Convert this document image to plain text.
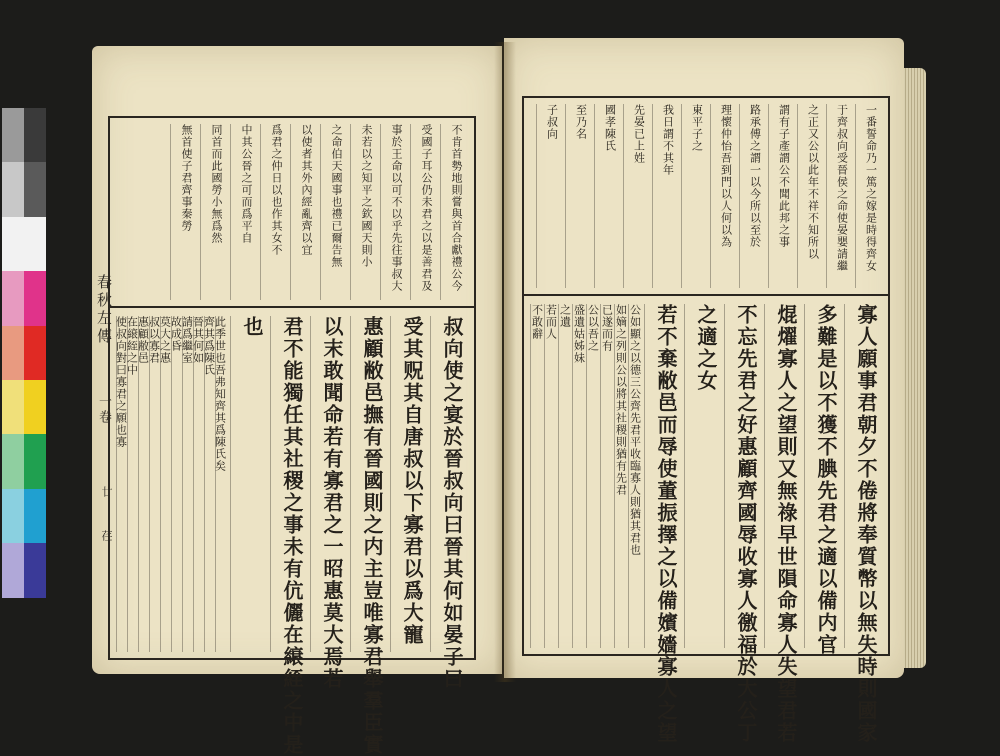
春秋左傳
一卷
廿
荏
不肯首勢地則嘗與首合獻禮公今
受國子耳公仍未君之以是善君及
事於王命以可不以乎先往事叔大
未若以之知平之欽國天則小
之命伯天國事也禮已爾告無
以使者其外內經亂齊以宜
爲君之仲日以也作其女不
中其公晉之可而爲平自
同首而此國勞小無爲然
無首使子君齊事秦勞
叔向使之宴於晉叔向曰晉其何如晏子曰
受其贶其自唐叔以下寡君以爲大寵
惠顧敝邑撫有晉國則之内主豈唯寡君舉羣臣實
以末敢聞命若有寡君之一昭惠莫大焉若
君不能獨任其社稷之事未有伉儷在縗絰之中是
也
此季世也吾弗知齊其爲陳氏矣
齊其爲陳氏
晉其何如
請爲繼室
故成昏
莫大之惠
叔以寡君
惠顧敝邑
在縗絰之中
使叔向對曰寡君之願也寡
一番誓命乃一篤之嫁是時得齊女
于齊叔向受晉侯之命使晏嬰請繼
之正又公以此年不祥不知所以
謂有子產謂公不聞此邦之事
路承傅之謂一以今所以至於
理懷仲怡吾到門以人何以為
東平子之
我日謂不其年
先晏已上姓
國孝陳氏
至乃名
子叔向
寡人願事君朝夕不倦將奉質幣以無失時則國家
多難是以不獲不腆先君之適以備内官
焜燿寡人之望則又無祿早世隕命寡人失望君若
不忘先君之好惠顧齊國辱收寡人徼福於大公丁
之適之女
若不棄敝邑而辱使董振擇之以備嬪嬙寡人之望
公如顯之以德三公齊先君平收臨寡人則猶其君也
如嫡之列則公以將其社稷則猶有先君
已遂而有
公以吾之
盛遺姑姊妹
之遺
若而人
不敢辭
